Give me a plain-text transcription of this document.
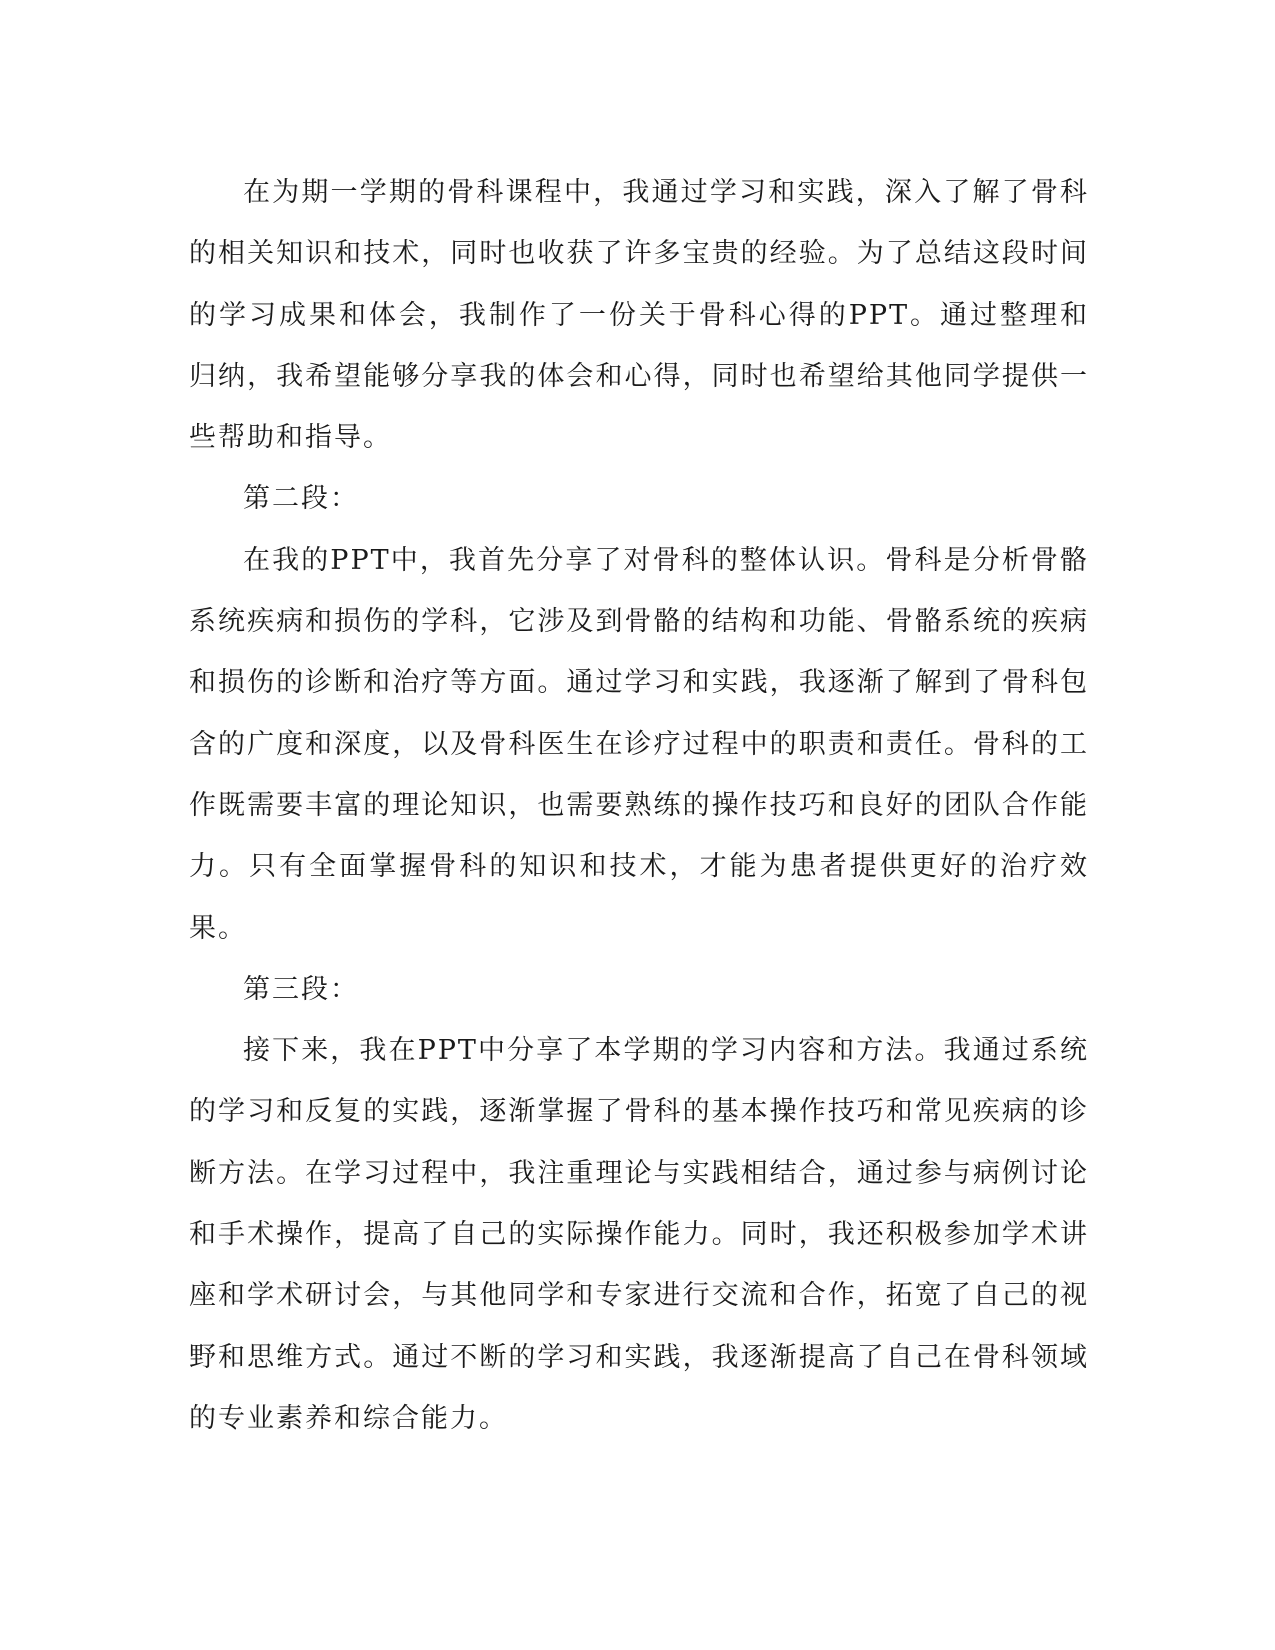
在为期一学期的骨科课程中，我通过学习和实践，深入了解了骨科的相关知识和技术，同时也收获了许多宝贵的经验。为了总结这段时间的学习成果和体会，我制作了一份关于骨科心得的PPT。通过整理和归纳，我希望能够分享我的体会和心得，同时也希望给其他同学提供一些帮助和指导。

第二段：

在我的PPT中，我首先分享了对骨科的整体认识。骨科是分析骨骼系统疾病和损伤的学科，它涉及到骨骼的结构和功能、骨骼系统的疾病和损伤的诊断和治疗等方面。通过学习和实践，我逐渐了解到了骨科包含的广度和深度，以及骨科医生在诊疗过程中的职责和责任。骨科的工作既需要丰富的理论知识，也需要熟练的操作技巧和良好的团队合作能力。只有全面掌握骨科的知识和技术，才能为患者提供更好的治疗效果。

第三段：

接下来，我在PPT中分享了本学期的学习内容和方法。我通过系统的学习和反复的实践，逐渐掌握了骨科的基本操作技巧和常见疾病的诊断方法。在学习过程中，我注重理论与实践相结合，通过参与病例讨论和手术操作，提高了自己的实际操作能力。同时，我还积极参加学术讲座和学术研讨会，与其他同学和专家进行交流和合作，拓宽了自己的视野和思维方式。通过不断的学习和实践，我逐渐提高了自己在骨科领域的专业素养和综合能力。
